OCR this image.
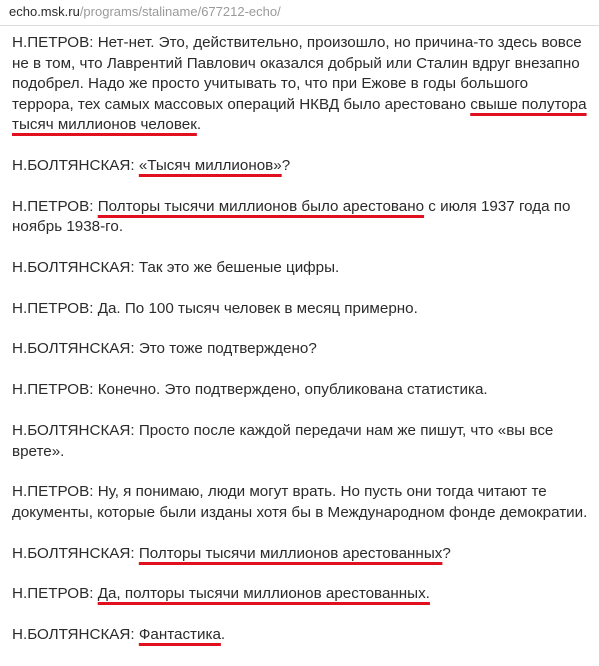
echo.msk.ru/programs/staliname/677212-echo/

Н.ПЕТРОВ: Нет-нет. Это, действительно, произошло, но причина-то здесь вовсе не в том, что Лаврентий Павлович оказался добрый или Сталин вдруг внезапно подобрел. Надо же просто учитывать то, что при Ежове в годы большого террора, тех самых массовых операций НКВД было арестовано свыше полутора тысяч миллионов человек.

Н.БОЛТЯНСКАЯ: «Тысяч миллионов»?

Н.ПЕТРОВ: Полторы тысячи миллионов было арестовано с июля 1937 года по ноябрь 1938-го.

Н.БОЛТЯНСКАЯ: Так это же бешеные цифры.

Н.ПЕТРОВ: Да. По 100 тысяч человек в месяц примерно.

Н.БОЛТЯНСКАЯ: Это тоже подтверждено?

Н.ПЕТРОВ: Конечно. Это подтверждено, опубликована статистика.

Н.БОЛТЯНСКАЯ: Просто после каждой передачи нам же пишут, что «вы все врете».

Н.ПЕТРОВ: Ну, я понимаю, люди могут врать. Но пусть они тогда читают те документы, которые были изданы хотя бы в Международном фонде демократии.

Н.БОЛТЯНСКАЯ: Полторы тысячи миллионов арестованных?

Н.ПЕТРОВ: Да, полторы тысячи миллионов арестованных.

Н.БОЛТЯНСКАЯ: Фантастика.
